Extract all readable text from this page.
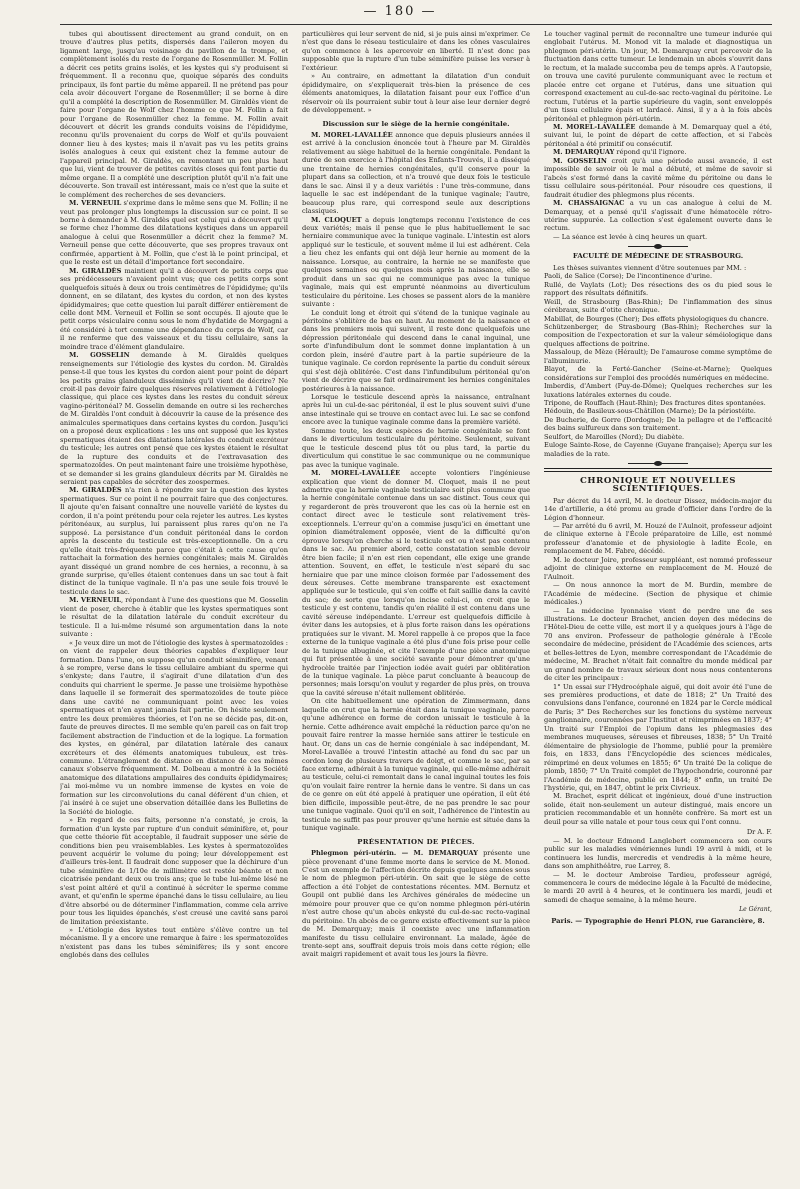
— 180 —

tubes qui aboutissent directement au grand conduit, on en trouve d'autres plus petits, dispersés dans l'aileron moyen du ligament large, jusqu'au voisinage du pavillon de la trompe, et complètement isolés du reste de l'organe de Rosenmüller. M. Follin a décrit ces petits grains isolés, et les kystes qui s'y produisent si fréquemment. Il a reconnu que, quoique séparés des conduits principaux, ils font partie du même appareil. Il ne prétend pas pour cela avoir découvert l'organe de Rosenmüller; il se borne à dire qu'il a complété la description de Rosenmüller. M. Giraldès vient de faire pour l'organe de Wolf chez l'homme ce que M. Follin a fait pour l'organe de Rosenmüller chez la femme. M. Follin avait découvert et décrit les grands conduits voisins de l'épididyme, reconnu qu'ils provenaient du corps de Wolf et qu'ils pouvaient donner lieu à des kystes; mais il n'avait pas vu les petits grains isolés analogues à ceux qui existent chez la femme autour de l'appareil principal. M. Giraldès, en remontant un peu plus haut que lui, vient de trouver de petites cavités closes qui font partie du même organe. Il a complété une description plutôt qu'il n'a fait une découverte. Son travail est intéressant, mais ce n'est que la suite et le complément des recherches de ses devanciers.

M. VERNEUIL s'exprime dans le même sens que M. Follin; il ne veut pas prolonger plus longtemps la discussion sur ce point. Il se borne à demander à M. Giraldès quel est celui qui a découvert qu'il se forme chez l'homme des dilatations kystiques dans un appareil analogue à celui que Rosenmüller a décrit chez la femme? M. Verneuil pense que cette découverte, que ses propres travaux ont confirmée, appartient à M. Follin, que c'est là le point principal, et que le reste est un détail d'importance fort secondaire.

M. GIRALDÈS maintient qu'il a découvert de petits corps que ses prédécesseurs n'avaient point vus; que ces petits corps sont quelquefois situés à deux ou trois centimètres de l'épididyme; qu'ils donnent, en se dilatant, des kystes du cordon, et non des kystes épididymaires; que cette question lui paraît différer entièrement de celle dont MM. Verneuil et Follin se sont occupés. Il ajoute que le petit corps vésiculaire connu sous le nom d'hydatide de Morgagni a été considéré à tort comme une dépendance du corps de Wolf, car il ne renferme que des vaisseaux et du tissu cellulaire, sans la moindre trace d'élément glandulaire.

M. GOSSELIN demande à M. Giraldès quelques renseignements sur l'étiologie des kystes du cordon. M. Giraldès pense-t-il que tous les kystes du cordon aient pour point de départ les petits grains glanduleux disséminés qu'il vient de décrire? Ne croit-il pas devoir faire quelques réserves relativement à l'étiologie classique, qui place ces kystes dans les restes du conduit séreux vagino-péritonéal? M. Gosselin demande en outre si les recherches de M. Giraldès l'ont conduit à découvrir la cause de la présence des animalcules spermatiques dans certains kystes du cordon. Jusqu'ici on a proposé deux explications : les uns ont supposé que les kystes spermatiques étaient des dilatations latérales du conduit excréteur du testicule; les autres ont pensé que ces kystes étaient le résultat de la rupture des conduits et de l'extravasation des spermatozoïdes. On peut maintenant faire une troisième hypothèse, et se demander si les grains glanduleux décrits par M. Giraldès ne seraient pas capables de sécréter des zoospermes.

M. GIRALDÈS n'a rien à répondre sur la question des kystes spermatiques. Sur ce point il ne pourrait faire que des conjectures. Il ajoute qu'en faisant connaître une nouvelle variété de kystes du cordon, il n'a point prétendu pour cela rejeter les autres. Les kystes péritonéaux, au surplus, lui paraissent plus rares qu'on ne l'a supposé. La persistance d'un conduit péritonéal dans le cordon après la descente du testicule est très-exceptionnelle. On a cru qu'elle était très-fréquente parce que c'était à cette cause qu'on rattachait la formation des hernies congénitales; mais M. Giraldès ayant disséqué un grand nombre de ces hernies, a reconnu, à sa grande surprise, qu'elles étaient contenues dans un sac tout à fait distinct de la tunique vaginale. Il n'a pas une seule fois trouvé le testicule dans le sac.

M. VERNEUIL, répondant à l'une des questions que M. Gosselin vient de poser, cherche à établir que les kystes spermatiques sont le résultat de la dilatation latérale du conduit excréteur du testicule. Il a lui-même résumé son argumentation dans la note suivante :

« Je veux dire un mot de l'étiologie des kystes à spermatozoïdes : on vient de rappeler deux théories capables d'expliquer leur formation. Dans l'une, on suppose qu'un conduit séminifère, venant à se rompre, verse dans le tissu cellulaire ambiant du sperme qui s'enkyste; dans l'autre, il s'agirait d'une dilatation d'un des conduits qui charrient le sperme. Je passe une troisième hypothèse dans laquelle il se formerait des spermatozoïdes de toute pièce dans une cavité ne communiquant point avec les voies spermatiques et n'en ayant jamais fait partie. On hésite seulement entre les deux premières théories, et l'on ne se décide pas, dit-on, faute de preuves directes. Il me semble qu'en pareil cas on fait trop facilement abstraction de l'induction et de la logique. La formation des kystes, en général, par dilatation latérale des canaux excréteurs et des éléments anatomiques tubuleux, est très-commune. L'étranglement de distance en distance de ces mêmes canaux s'observe fréquemment. M. Dolbeau a montré à la Société anatomique des dilatations ampullaires des conduits épididymaires; j'ai moi-même vu un nombre immense de kystes en voie de formation sur les circonvolutions du canal déférent d'un chien, et j'ai inséré à ce sujet une observation détaillée dans les Bulletins de la Société de biologie.

» En regard de ces faits, personne n'a constaté, je crois, la formation d'un kyste par rupture d'un conduit séminifère, et, pour que cette théorie fût acceptable, il faudrait supposer une série de conditions bien peu vraisemblables. Les kystes à spermatozoïdes peuvent acquérir le volume du poing; leur développement est d'ailleurs très-lent. Il faudrait donc supposer que la déchirure d'un tube séminifère de 1/10e de millimètre est restée béante et non cicatrisée pendant deux ou trois ans; que le tube lui-même lésé ne s'est point altéré et qu'il a continué à sécréter le sperme comme avant, et qu'enfin le sperme épanché dans le tissu cellulaire, au lieu d'être absorbé ou de déterminer l'inflammation, comme cela arrive pour tous les liquides épanchés, s'est creusé une cavité sans paroi de limitation préexistante.

» L'étiologie des kystes tout entière s'élève contre un tel mécanisme. Il y a encore une remarque à faire : les spermatozoïdes n'existent pas dans les tubes séminifères; ils y sont encore englobés dans des cellules

particulières qui leur servent de nid, si je puis ainsi m'exprimer. Ce n'est que dans le réseau testiculaire et dans les cônes vasculaires qu'on commence à les apercevoir en liberté. Il n'est donc pas supposable que la rupture d'un tube séminifère puisse les verser à l'extérieur.

» Au contraire, en admettant la dilatation d'un conduit épididymaire, on s'expliquerait très-bien la présence de ces éléments anatomiques, la dilatation faisant pour eux l'office d'un réservoir où ils pourraient subir tout à leur aise leur dernier degré de développement. »

Discussion sur le siège de la hernie congénitale.

M. MOREL-LAVALLÉE annonce que depuis plusieurs années il est arrivé à la conclusion énoncée tout à l'heure par M. Giraldès relativement au siège habituel de la hernie congénitale. Pendant la durée de son exercice à l'hôpital des Enfants-Trouvés, il a disséqué une trentaine de hernies congénitales, qu'il conserve pour la plupart dans sa collection, et n'a trouvé que deux fois le testicule dans le sac. Ainsi il y a deux variétés : l'une très-commune, dans laquelle le sac est indépendant de la tunique vaginale; l'autre, beaucoup plus rare, qui correspond seule aux descriptions classiques.

M. CLOQUET a depuis longtemps reconnu l'existence de ces deux variétés; mais il pense que le plus habituellement le sac herniaire communique avec la tunique vaginale. L'intestin est alors appliqué sur le testicule, et souvent même il lui est adhérent. Cela a lieu chez les enfants qui ont déjà leur hernie au moment de la naissance. Lorsque, au contraire, la hernie ne se manifeste que quelques semaines ou quelques mois après la naissance, elle se produit dans un sac qui ne communique pas avec la tunique vaginale, mais qui est emprunté néanmoins au diverticulum testiculaire du péritoine. Les choses se passent alors de la manière suivante :

Le conduit long et étroit qui s'étend de la tunique vaginale au péritoine s'oblitère de bas en haut. Au moment de la naissance et dans les premiers mois qui suivent, il reste donc quelquefois une dépression péritonéale qui descend dans le canal inguinal, une sorte d'infundibulum dont le sommet donne implantation à un cordon plein, inséré d'autre part à la partie supérieure de la tunique vaginale. Ce cordon représente la partie du conduit séreux qui s'est déjà oblitérée. C'est dans l'infundibulum péritonéal qu'on vient de décrire que se fait ordinairement les hernies congénitales postérieures à la naissance.

Lorsque le testicule descend après la naissance, entraînant après lui un cul-de-sac péritonéal, il est le plus souvent suivi d'une anse intestinale qui se trouve en contact avec lui. Le sac se confond encore avec la tunique vaginale comme dans la première variété.

Somme toute, les deux espèces de hernie congénitale se font dans le diverticulum testiculaire du péritoine. Seulement, suivant que le testicule descend plus tôt ou plus tard, la partie du diverticulum qui constitue le sac communique ou ne communique pas avec la tunique vaginale.

M. MOREL-LAVALLÉE accepte volontiers l'ingénieuse explication que vient de donner M. Cloquet, mais il ne peut admettre que la hernie vaginale testiculaire soit plus commune que la hernie congénitale contenue dans un sac distinct. Tous ceux qui y regarderont de près trouveront que les cas où la hernie est en contact direct avec le testicule sont relativement très-exceptionnels. L'erreur qu'on a commise jusqu'ici en émettant une opinion diamétralement opposée, vient de la difficulté qu'on éprouve lorsqu'on cherche si le testicule est ou n'est pas contenu dans le sac. Au premier abord, cette constatation semble devoir être bien facile; il n'en est rien cependant, elle exige une grande attention. Souvent, en effet, le testicule n'est séparé du sac herniaire que par une mince cloison formée par l'adossement des deux séreuses. Cette membrane transparente est exactement appliquée sur le testicule, qui s'en coiffe et fait saillie dans la cavité du sac; de sorte que lorsqu'on incise celui-ci, on croit que le testicule y est contenu, tandis qu'en réalité il est contenu dans une cavité séreuse indépendante. L'erreur est quelquefois difficile à éviter dans les autopsies, et à plus forte raison dans les opérations pratiquées sur le vivant. M. Morel rappelle à ce propos que la face externe de la tunique vaginale a été plus d'une fois prise pour celle de la tunique albuginée, et cite l'exemple d'une pièce anatomique qui fut présentée à une société savante pour démontrer qu'une hydrocèle traitée par l'injection iodée avait guéri par oblitération de la tunique vaginale. La pièce parut concluante à beaucoup de personnes; mais lorsqu'on voulut y regarder de plus près, on trouva que la cavité séreuse n'était nullement oblitérée.

On cite habituellement une opération de Zimmermann, dans laquelle on crut que la hernie était dans la tunique vaginale, parce qu'une adhérence en forme de cordon unissait le testicule à la hernie. Cette adhérence avait empêché la réduction parce qu'on ne pouvait faire rentrer la masse herniée sans attirer le testicule en haut. Or, dans un cas de hernie congéniale à sac indépendant, M. Morel-Lavallée a trouvé l'intestin attaché au fond du sac par un cordon long de plusieurs travers de doigt, et comme le sac, par sa face externe, adhérait à la tunique vaginale, qui elle-même adhérait au testicule, celui-ci remontait dans le canal inguinal toutes les fois qu'on voulait faire rentrer la hernie dans le ventre. Si dans un cas de ce genre on eût été appelé à pratiquer une opération, il eût été bien difficile, impossible peut-être, de ne pas prendre le sac pour une tunique vaginale. Quoi qu'il en soit, l'adhérence de l'intestin au testicule ne suffit pas pour prouver qu'une hernie est située dans la tunique vaginale.

PRÉSENTATION DE PIÈCES.

Phlegmon péri-utérin. — M. DEMARQUAY présente une pièce provenant d'une femme morte dans le service de M. Monod. C'est un exemple de l'affection décrite depuis quelques années sous le nom de phlegmon péri-utérin. On sait que le siège de cette affection a été l'objet de contestations récentes. MM. Bernutz et Goupil ont publié dans les Archives générales de médecine un mémoire pour prouver que ce qu'on nomme phlegmon péri-utérin n'est autre chose qu'un abcès enkysté du cul-de-sac recto-vaginal du péritoine. Un abcès de ce genre existe effectivement sur la pièce de M. Demarquay; mais il coexiste avec une inflammation manifeste du tissu cellulaire environnant. La malade, âgée de trente-sept ans, souffrait depuis trois mois dans cette région; elle avait maigri rapidement et avait tous les jours la fièvre.

Le toucher vaginal permit de reconnaître une tumeur indurée qui englobait l'utérus. M. Monod vit la malade et diagnostiqua un phlegmon péri-utérin. Un jour, M. Demarquay crut percevoir de la fluctuation dans cette tumeur. Le lendemain un abcès s'ouvrit dans le rectum, et la malade succomba peu de temps après. A l'autopsie, on trouva une cavité purulente communiquant avec le rectum et placée entre cet organe et l'utérus, dans une situation qui correspond exactement au cul-de-sac recto-vaginal du péritoine. Le rectum, l'utérus et la partie supérieure du vagin, sont enveloppés d'un tissu cellulaire épais et lardacé. Ainsi, il y a à la fois abcès péritonéal et phlegmon péri-utérin.

M. MOREL-LAVALLÉE demande à M. Demarquay quel a été, suivant lui, le point de départ de cette affection, et si l'abcès péritonéal a été primitif ou consécutif.

M. DEMARQUAY répond qu'il l'ignore.

M. GOSSELIN croit qu'à une période aussi avancée, il est impossible de savoir où le mal a débuté, et même de savoir si l'abcès s'est formé dans la cavité même du péritoine ou dans le tissu cellulaire sous-péritonéal. Pour résoudre ces questions, il faudrait étudier des phlegmons plus récents.

M. CHASSAIGNAC a vu un cas analogue à celui de M. Demarquay, et a pensé qu'il s'agissait d'une hématocèle rétro-utérine suppurée. La collection s'est également ouverte dans le rectum.

— La séance est levée à cinq heures un quart.

FACULTÉ DE MÉDECINE DE STRASBOURG.

Les thèses suivantes viennent d'être soutenues par MM. :

Paoli, de Salice (Corse); De l'incontinence d'urine.

Rullé, de Vaylats (Lot); Des résections des os du pied sous le rapport des résultats définitifs.

Weill, de Strasbourg (Bas-Rhin); De l'inflammation des sinus cérébraux, suite d'otite chronique.

Mabillat, de Bourges (Cher); Des effets physiologiques du chancre.

Schützenberger, de Strasbourg (Bas-Rhin); Recherches sur la composition de l'expectoration et sur la valeur séméiologique dans quelques affections de poitrine.

Massaloup, de Mèze (Hérault); De l'amaurose comme symptôme de l'albuminurie.

Blayot, de la Ferté-Gancher (Seine-et-Marne); Quelques considérations sur l'emploi des procédés numériques en médecine.

Imberdis, d'Ambert (Puy-de-Dôme); Quelques recherches sur les luxations latérales externes du coude.

Tripone, de Rouffach (Haut-Rhin); Des fractures dites spontanées.

Hédouin, de Basileux-sous-Châtillon (Marne); De la périostéite.

De Bucherie, de Gorre (Dordogne); De la pellagre et de l'efficacité des bains sulfureux dans son traitement.

Seulfort, de Maroilles (Nord); Du diabète.

Euloge Sainte-Rose, de Cayenne (Guyane française); Aperçu sur les maladies de la rate.

CHRONIQUE ET NOUVELLES SCIENTIFIQUES.

Par décret du 14 avril, M. le docteur Dissez, médecin-major du 14e d'artillerie, a été promu au grade d'officier dans l'ordre de la Légion d'honneur.

— Par arrêté du 6 avril, M. Houzé de l'Aulnoit, professeur adjoint de clinique externe à l'École préparatoire de Lille, est nommé professeur d'anatomie et de physiologie à ladite École, en remplacement de M. Fabre, décédé.

M. le docteur Joire, professeur suppléant, est nommé professeur adjoint de clinique externe en remplacement de M. Houzé de l'Aulnoit.

— On nous annonce la mort de M. Burdin, membre de l'Académie de médecine. (Section de physique et chimie médicales.)

— La médecine lyonnaise vient de perdre une de ses illustrations. Le docteur Brachet, ancien doyen des médecins de l'Hôtel-Dieu de cette ville, est mort il y a quelques jours à l'âge de 70 ans environ. Professeur de pathologie générale à l'École secondaire de médecine, président de l'Académie des sciences, arts et belles-lettres de Lyon, membre correspondant de l'Académie de médecine, M. Brachet n'était fait connaître du monde médical par un grand nombre de travaux sérieux dont nous nous contenterons de citer les principaux :

1° Un essai sur l'Hydrocéphale aiguë, qui doit avoir été l'une de ses premières productions, et date de 1818; 2° Un Traité des convulsions dans l'enfance, couronné en 1824 par le Cercle médical de Paris; 3° Des Recherches sur les fonctions du système nerveux ganglionnaire, couronnées par l'Institut et réimprimées en 1837; 4° Un traité sur l'Emploi de l'opium dans les phlegmasies des membranes muqueuses, séreuses et fibreuses, 1838; 5° Un Traité élémentaire de physiologie de l'homme, publié pour la première fois, en 1833, dans l'Encyclopédie des sciences médicales, réimprimé en deux volumes en 1855; 6° Un traité De la colique de plomb, 1850; 7° Un Traité complet de l'hypochondrie, couronné par l'Académie de médecine, publié en 1844; 8° enfin, un traité De l'hystérie, qui, en 1847, obtint le prix Civrieux.

M. Brachet, esprit délicat et ingénieux, doué d'une instruction solide, était non-seulement un auteur distingué, mais encore un praticien recommandable et un honnête confrère. Sa mort est un deuil pour sa ville natale et pour tous ceux qui l'ont connu.

Dr A. F.

— M. le docteur Edmond Langlebert commencera son cours public sur les maladies vénériennes lundi 19 avril à midi, et le continuera les lundis, mercredis et vendredis à la même heure, dans son amphithéâtre, rue Larrey, 8.

— M. le docteur Ambroise Tardieu, professeur agrégé, commencera le cours de médecine légale à la Faculté de médecine, le mardi 20 avril à 4 heures, et le continuera les mardi, jeudi et samedi de chaque semaine, à la même heure.

Le Gérant,
Paris. — Typographie de Henri PLON, rue Garancière, 8.
